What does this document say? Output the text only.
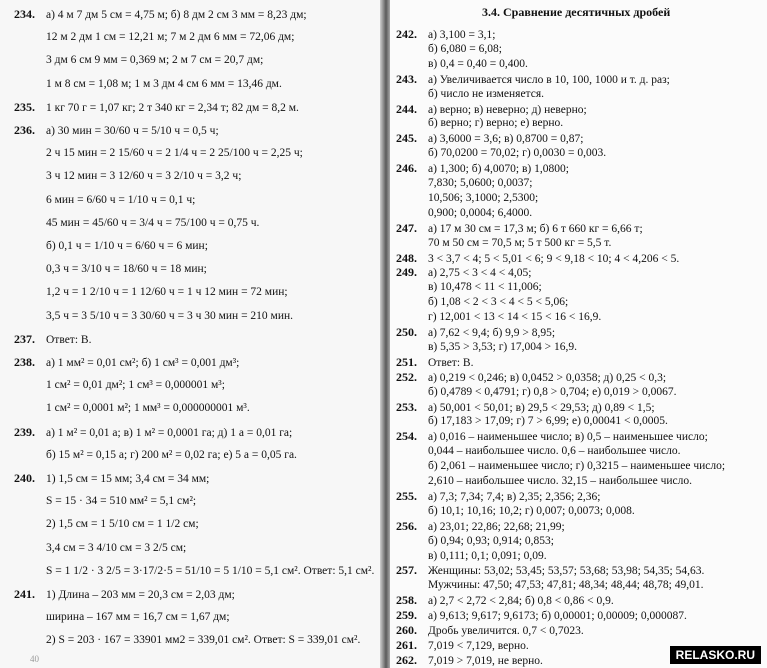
234. а) 4 м 7 дм 5 см = 4,75 м; б) 8 дм 2 см 3 мм = 8,23 дм;
12 м 2 дм 1 см = 12,21 м; 7 м 2 дм 6 мм = 72,06 дм;
3 дм 6 см 9 мм = 0,369 м; 2 м 7 см = 20,7 дм;
1 м 8 см = 1,08 м; 1 м 3 дм 4 см 6 мм = 13,46 дм.
235. 1 кг 70 г = 1,07 кг; 2 т 340 кг = 2,34 т; 82 дм = 8,2 м.
236. а) 30 мин = 30/60 ч = 5/10 ч = 0,5 ч;
2 ч 15 мин = 2 15/60 ч = 2 1/4 ч = 2 25/100 ч = 2,25 ч;
3 ч 12 мин = 3 12/60 ч = 3 2/10 ч = 3,2 ч;
6 мин = 6/60 ч = 1/10 ч = 0,1 ч;
45 мин = 45/60 ч = 3/4 ч = 75/100 ч = 0,75 ч.
б) 0,1 ч = 1/10 ч = 6/60 ч = 6 мин;
0,3 ч = 3/10 ч = 18/60 ч = 18 мин;
1,2 ч = 1 2/10 ч = 1 12/60 ч = 1 ч 12 мин = 72 мин;
3,5 ч = 3 5/10 ч = 3 30/60 ч = 3 ч 30 мин = 210 мин.
237. Ответ: В.
238. а) 1 мм² = 0,01 см²; б) 1 см³ = 0,001 дм³;
1 см² = 0,01 дм²; 1 см³ = 0,000001 м³;
1 см² = 0,0001 м²; 1 мм³ = 0,000000001 м³.
239. а) 1 м² = 0,01 а; в) 1 м² = 0,0001 га; д) 1 а = 0,01 га;
б) 15 м² = 0,15 а; г) 200 м² = 0,02 га; е) 5 а = 0,05 га.
240. 1) 1,5 см = 15 мм; 3,4 см = 34 мм;
S = 15 · 34 = 510 мм² = 5,1 см²;
2) 1,5 см = 1 5/10 см = 1 1/2 см;
3,4 см = 3 4/10 см = 3 2/5 см;
S = 1 1/2 · 3 2/5 = 3·17/2·5 = 51/10 = 5 1/10 = 5,1 см². Ответ: 5,1 см².
241. 1) Длина – 203 мм = 20,3 см = 2,03 дм;
ширина – 167 мм = 16,7 см = 1,67 дм;
2) S = 203 · 167 = 33901 мм2 = 339,01 см². Ответ: S = 339,01 см².
3.4. Сравнение десятичных дробей
242. а) 3,100 = 3,1;
б) 6,080 = 6,08;
в) 0,4 = 0,40 = 0,400.
243. а) Увеличивается число в 10, 100, 1000 и т. д. раз;
б) число не изменяется.
244. а) верно; в) неверно; д) неверно;
б) верно; г) верно; е) верно.
245. а) 3,6000 = 3,6; в) 0,8700 = 0,87;
б) 70,0200 = 70,02; г) 0,0030 = 0,003.
246. а) 1,300; б) 4,0070; в) 1,0800;
7,830; 5,0600; 0,0037;
10,506; 3,1000; 2,5300;
0,900; 0,0004; 6,4000.
247. а) 17 м 30 см = 17,3 м; б) 6 т 660 кг = 6,66 т;
70 м 50 см = 70,5 м; 5 т 500 кг = 5,5 т.
248. 3 < 3,7 < 4; 5 < 5,01 < 6; 9 < 9,18 < 10; 4 < 4,206 < 5.
249. а) 2,75 < 3 < 4 < 4,05;
в) 10,478 < 11 < 11,006;
б) 1,08 < 2 < 3 < 4 < 5 < 5,06;
г) 12,001 < 13 < 14 < 15 < 16 < 16,9.
250. а) 7,62 < 9,4; б) 9,9 > 8,95;
в) 5,35 > 3,53; г) 17,004 > 16,9.
251. Ответ: В.
252. а) 0,219 < 0,246; в) 0,0452 > 0,0358; д) 0,25 < 0,3;
б) 0,4789 < 0,4791; г) 0,8 > 0,704; е) 0,019 > 0,0067.
253. а) 50,001 < 50,01; в) 29,5 < 29,53; д) 0,89 < 1,5;
б) 17,183 > 17,09; г) 7 > 6,99; е) 0,00041 < 0,0005.
254. а) 0,016 – наименьшее число; в) 0,5 – наименьшее число;
0,044 – наибольшее число. 0,6 – наибольшее число.
б) 2,061 – наименьшее число; г) 0,3215 – наименьшее число;
2,610 – наибольшее число. 32,15 – наибольшее число.
255. а) 7,3; 7,34; 7,4; в) 2,35; 2,356; 2,36;
б) 10,1; 10,16; 10,2; г) 0,007; 0,0073; 0,008.
256. а) 23,01; 22,86; 22,68; 21,99;
б) 0,94; 0,93; 0,914; 0,853;
в) 0,111; 0,1; 0,091; 0,09.
257. Женщины: 53,02; 53,45; 53,57; 53,68; 53,98; 54,35; 54,63.
Мужчины: 47,50; 47,53; 47,81; 48,34; 48,44; 48,78; 49,01.
258. а) 2,7 < 2,72 < 2,84; б) 0,8 < 0,86 < 0,9.
259. а) 9,613; 9,617; 9,6173; б) 0,00001; 0,00009; 0,000087.
260. Дробь увеличится. 0,7 < 0,7023.
261. 7,019 < 7,129, верно.
262. 7,019 > 7,019, не верно.
40	RELASKO.RU
